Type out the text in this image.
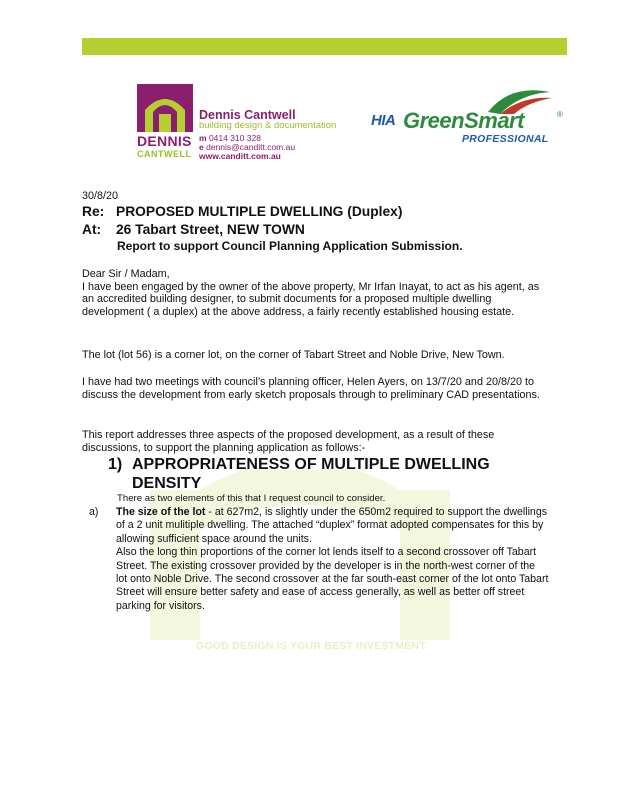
GOOD DESIGN IS YOUR BEST INVESTMENT
DENNIS
CANTWELL
Dennis Cantwell
building design & documentation
m 0414 310 328
e dennis@canditt.com.au
www.canditt.com.au
HIA GreenSmart	®
PROFESSIONAL
30/8/20
Re: PROPOSED MULTIPLE DWELLING (Duplex)
At: 26 Tabart Street, NEW TOWN
Report to support Council Planning Application Submission.
Dear Sir / Madam,
I have been engaged by the owner of the above property, Mr Irfan Inayat, to act as his agent, as an accredited building designer, to submit documents for a proposed multiple dwelling development ( a duplex) at the above address, a fairly recently established housing estate.
The lot (lot 56) is a corner lot, on the corner of Tabart Street and Noble Drive, New Town.
I have had two meetings with council’s planning officer, Helen Ayers, on 13/7/20 and 20/8/20 to discuss the development from early sketch proposals through to preliminary CAD presentations.
This report addresses three aspects of the proposed development, as a result of these discussions, to support the planning application as follows:-
1) APPROPRIATENESS OF MULTIPLE DWELLING
DENSITY
There as two elements of this that I request council to consider.
a) The size of the lot - at 627m2, is slightly under the 650m2 required to support the dwellings of a 2 unit mulitiple dwelling. The attached “duplex” format adopted compensates for this by allowing sufficient space around the units.
Also the long thin proportions of the corner lot lends itself to a second crossover off Tabart Street. The existing crossover provided by the developer is in the north-west corner of the lot onto Noble Drive. The second crossover at the far south-east corner of the lot onto Tabart Street will ensure better safety and ease of access generally, as well as better off street parking for visitors.
